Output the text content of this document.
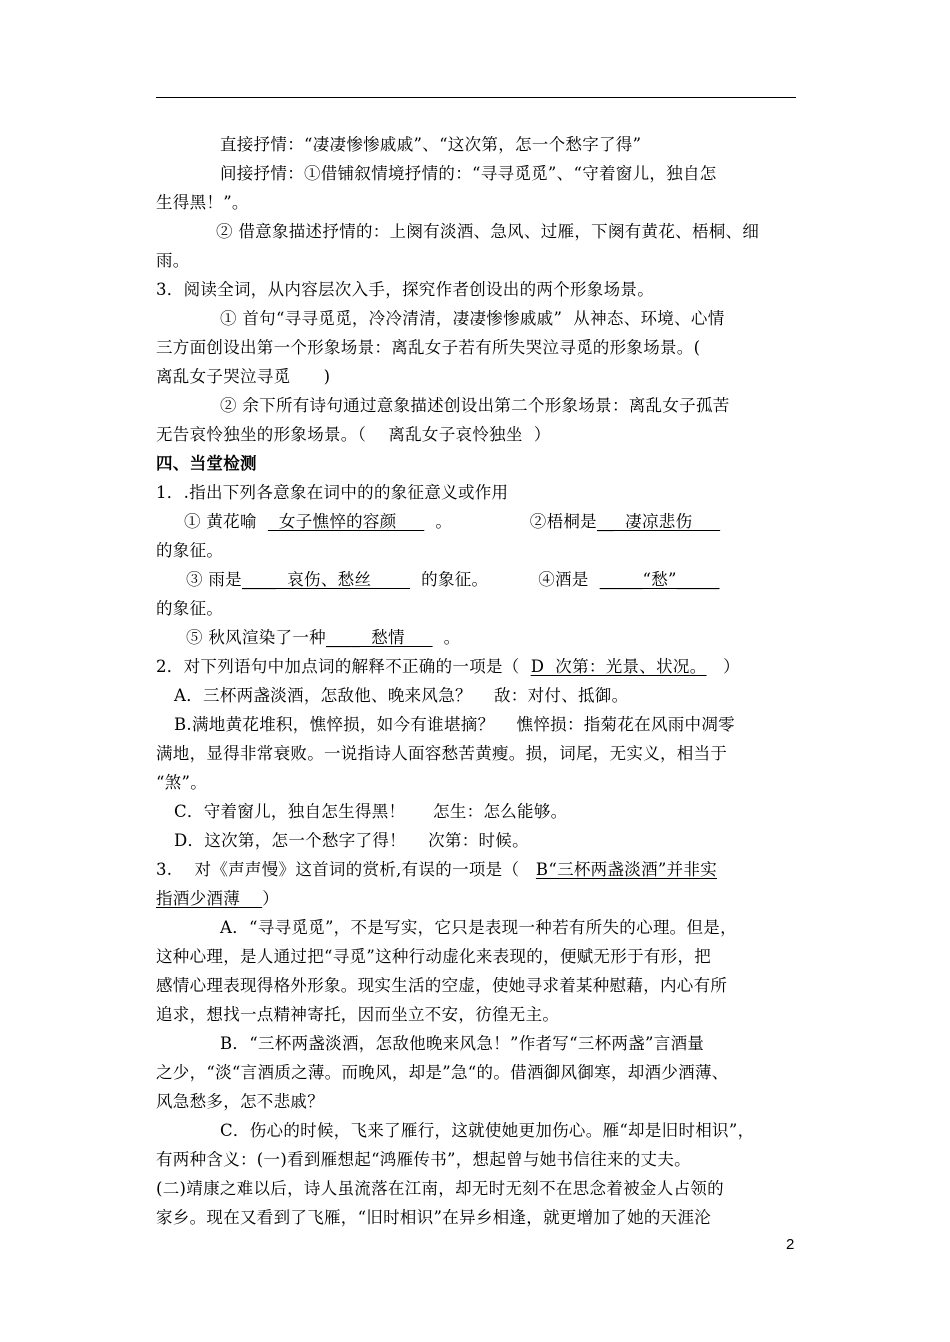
直接抒情：“凄凄惨惨戚戚”、“这次第，怎一个愁字了得”
间接抒情：①借铺叙情境抒情的：“寻寻觅觅”、“守着窗儿，独自怎
生得黑！”。
② 借意象描述抒情的：上阕有淡酒、急风、过雁，下阕有黄花、梧桐、细
雨。
3．阅读全词，从内容层次入手，探究作者创设出的两个形象场景。
① 首句“寻寻觅觅，冷冷清清，凄凄惨惨戚戚”  从神态、环境、心情
三方面创设出第一个形象场景：离乱女子若有所失哭泣寻觅的形象场景。(
离乱女子哭泣寻觅      )
② 余下所有诗句通过意象描述创设出第二个形象场景：离乱女子孤苦
无告哀怜独坐的形象场景。（    离乱女子哀怜独坐  ）
四、当堂检测
1．.指出下列各意象在词中的的象征意义或作用
① 黄花喻    女子憔悴的容颜       。              ②梧桐是__  凄凉悲伤
的象征。
③ 雨是____  哀伤、愁丝         的象征。         ④酒是  _____“愁”_____
的象征。
⑤ 秋风渲染了一种____  愁情       。
2．对下列语句中加点词的解释不正确的一项是（  D  次第：光景、状况。   ）
A．三杯两盏淡酒，怎敌他、晚来风急？    敌：对付、抵御。
B.满地黄花堆积，憔悴损，如今有谁堪摘？    憔悴损：指菊花在风雨中凋零
满地，显得非常衰败。一说指诗人面容愁苦黄瘦。损，词尾，无实义，相当于
“煞”。
C．守着窗儿，独自怎生得黑！     怎生：怎么能够。
D．这次第，怎一个愁字了得！    次第：时候。
3.    对《声声慢》这首词的赏析,有误的一项是（   B“三杯两盏淡酒”并非实
指酒少酒薄    ）
A．“寻寻觅觅”，不是写实，它只是表现一种若有所失的心理。但是，
这种心理，是人通过把“寻觅”这种行动虚化来表现的，便赋无形于有形，把
感情心理表现得格外形象。现实生活的空虚，使她寻求着某种慰藉，内心有所
追求，想找一点精神寄托，因而坐立不安，彷徨无主。
B．“三杯两盏淡酒，怎敌他晚来风急！”作者写“三杯两盏”言酒量
之少，“淡“言酒质之薄。而晚风，却是”急“的。借酒御风御寒，却酒少酒薄、
风急愁多，怎不悲戚？
C．伤心的时候，飞来了雁行，这就使她更加伤心。雁“却是旧时相识”，
有两种含义：(一)看到雁想起“鸿雁传书”，想起曾与她书信往来的丈夫。
(二)靖康之难以后，诗人虽流落在江南，却无时无刻不在思念着被金人占领的
家乡。现在又看到了飞雁，“旧时相识”在异乡相逢，就更增加了她的天涯沦
2
